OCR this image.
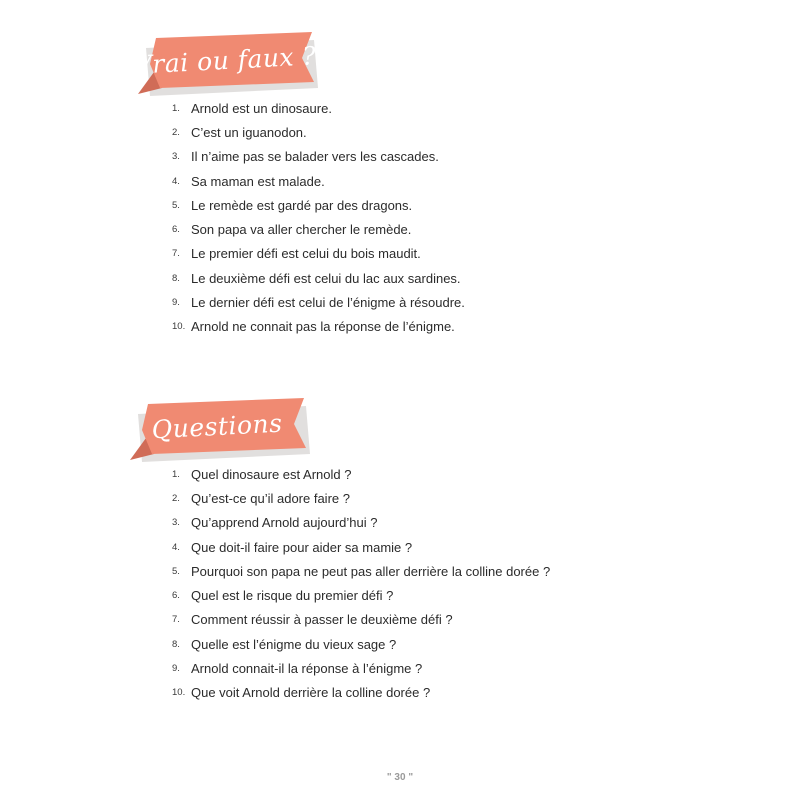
Vrai ou faux ?
1. Arnold est un dinosaure.
2. C’est un iguanodon.
3. Il n’aime pas se balader vers les cascades.
4. Sa maman est malade.
5. Le remède est gardé par des dragons.
6. Son papa va aller chercher le remède.
7. Le premier défi est celui du bois maudit.
8. Le deuxième défi est celui du lac aux sardines.
9. Le dernier défi est celui de l’énigme à résoudre.
10. Arnold ne connait pas la réponse de l’énigme.
Questions
1. Quel dinosaure est Arnold ?
2. Qu’est-ce qu’il adore faire ?
3. Qu’apprend Arnold aujourd’hui ?
4. Que doit-il faire pour aider sa mamie ?
5. Pourquoi son papa ne peut pas aller derrière la colline dorée ?
6. Quel est le risque du premier défi ?
7. Comment réussir à passer le deuxième défi ?
8. Quelle est l’énigme du vieux sage ?
9. Arnold connait-il la réponse à l’énigme ?
10. Que voit Arnold derrière la colline dorée ?
" 30 "
